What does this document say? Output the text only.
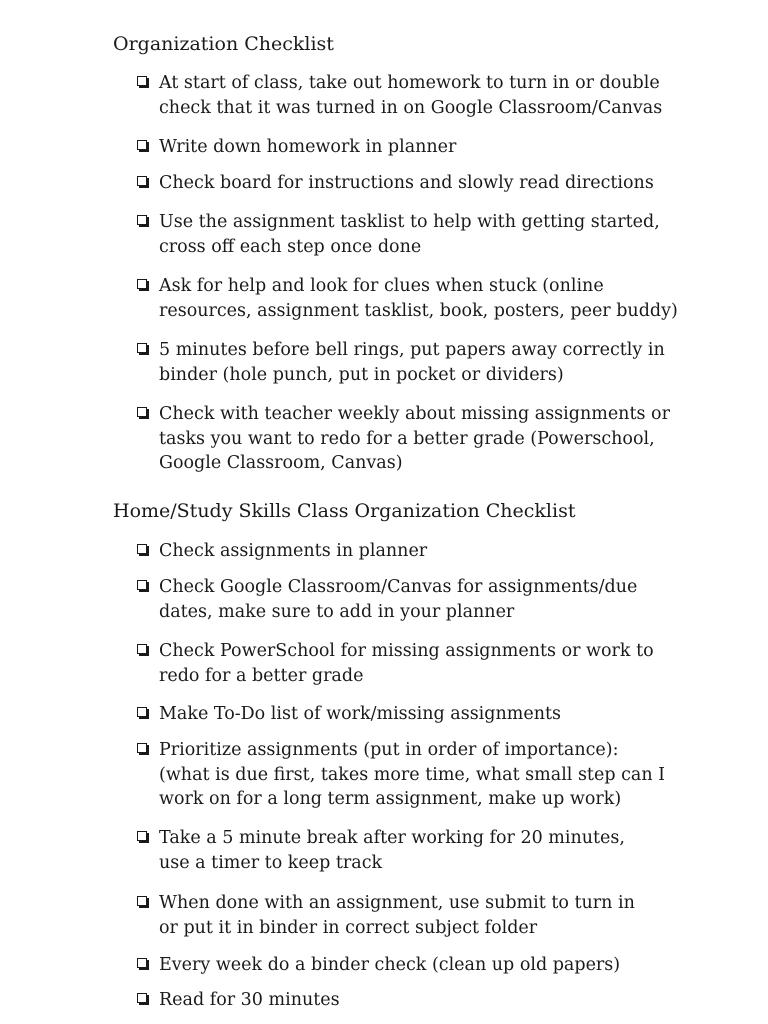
Organization Checklist
At start of class, take out homework to turn in or double
check that it was turned in on Google Classroom/Canvas
Write down homework in planner
Check board for instructions and slowly read directions
Use the assignment tasklist to help with getting started,
cross off each step once done
Ask for help and look for clues when stuck (online
resources, assignment tasklist, book, posters, peer buddy)
5 minutes before bell rings, put papers away correctly in
binder (hole punch, put in pocket or dividers)
Check with teacher weekly about missing assignments or
tasks you want to redo for a better grade (Powerschool,
Google Classroom, Canvas)
Home/Study Skills Class Organization Checklist
Check assignments in planner
Check Google Classroom/Canvas for assignments/due
dates, make sure to add in your planner
Check PowerSchool for missing assignments or work to
redo for a better grade
Make To-Do list of work/missing assignments
Prioritize assignments (put in order of importance):
(what is due first, takes more time, what small step can I
work on for a long term assignment, make up work)
Take a 5 minute break after working for 20 minutes,
use a timer to keep track
When done with an assignment, use submit to turn in
or put it in binder in correct subject folder
Every week do a binder check (clean up old papers)
Read for 30 minutes
